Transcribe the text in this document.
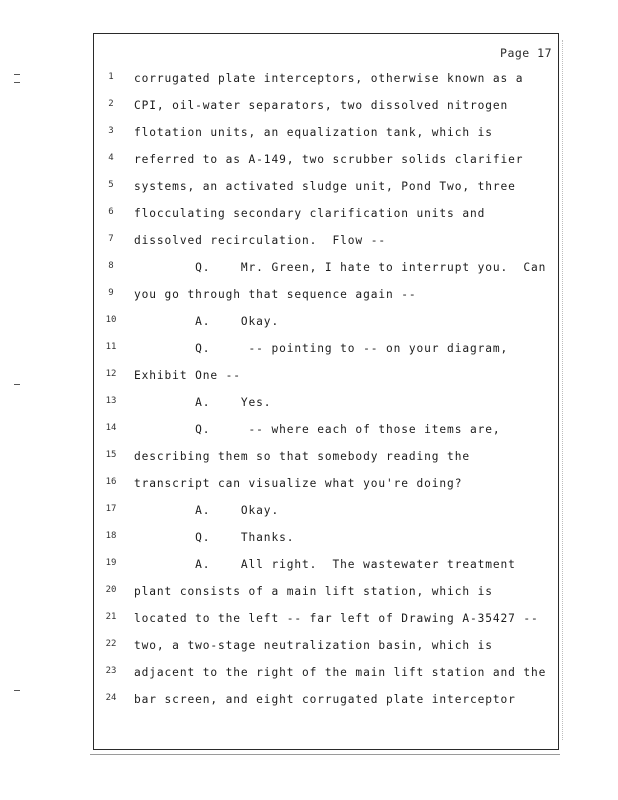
Page 17
1	corrugated plate interceptors, otherwise known as a
2	CPI, oil-water separators, two dissolved nitrogen
3	flotation units, an equalization tank, which is
4	referred to as A-149, two scrubber solids clarifier
5	systems, an activated sludge unit, Pond Two, three
6	flocculating secondary clarification units and
7	dissolved recirculation.  Flow --
8	Q.    Mr. Green, I hate to interrupt you.  Can
9	you go through that sequence again --
10	A.    Okay.
11	Q.     -- pointing to -- on your diagram,
12	Exhibit One --
13	A.    Yes.
14	Q.     -- where each of those items are,
15	describing them so that somebody reading the
16	transcript can visualize what you're doing?
17	A.    Okay.
18	Q.    Thanks.
19	A.    All right.  The wastewater treatment
20	plant consists of a main lift station, which is
21	located to the left -- far left of Drawing A-35427 --
22	two, a two-stage neutralization basin, which is
23	adjacent to the right of the main lift station and the
24	bar screen, and eight corrugated plate interceptor
